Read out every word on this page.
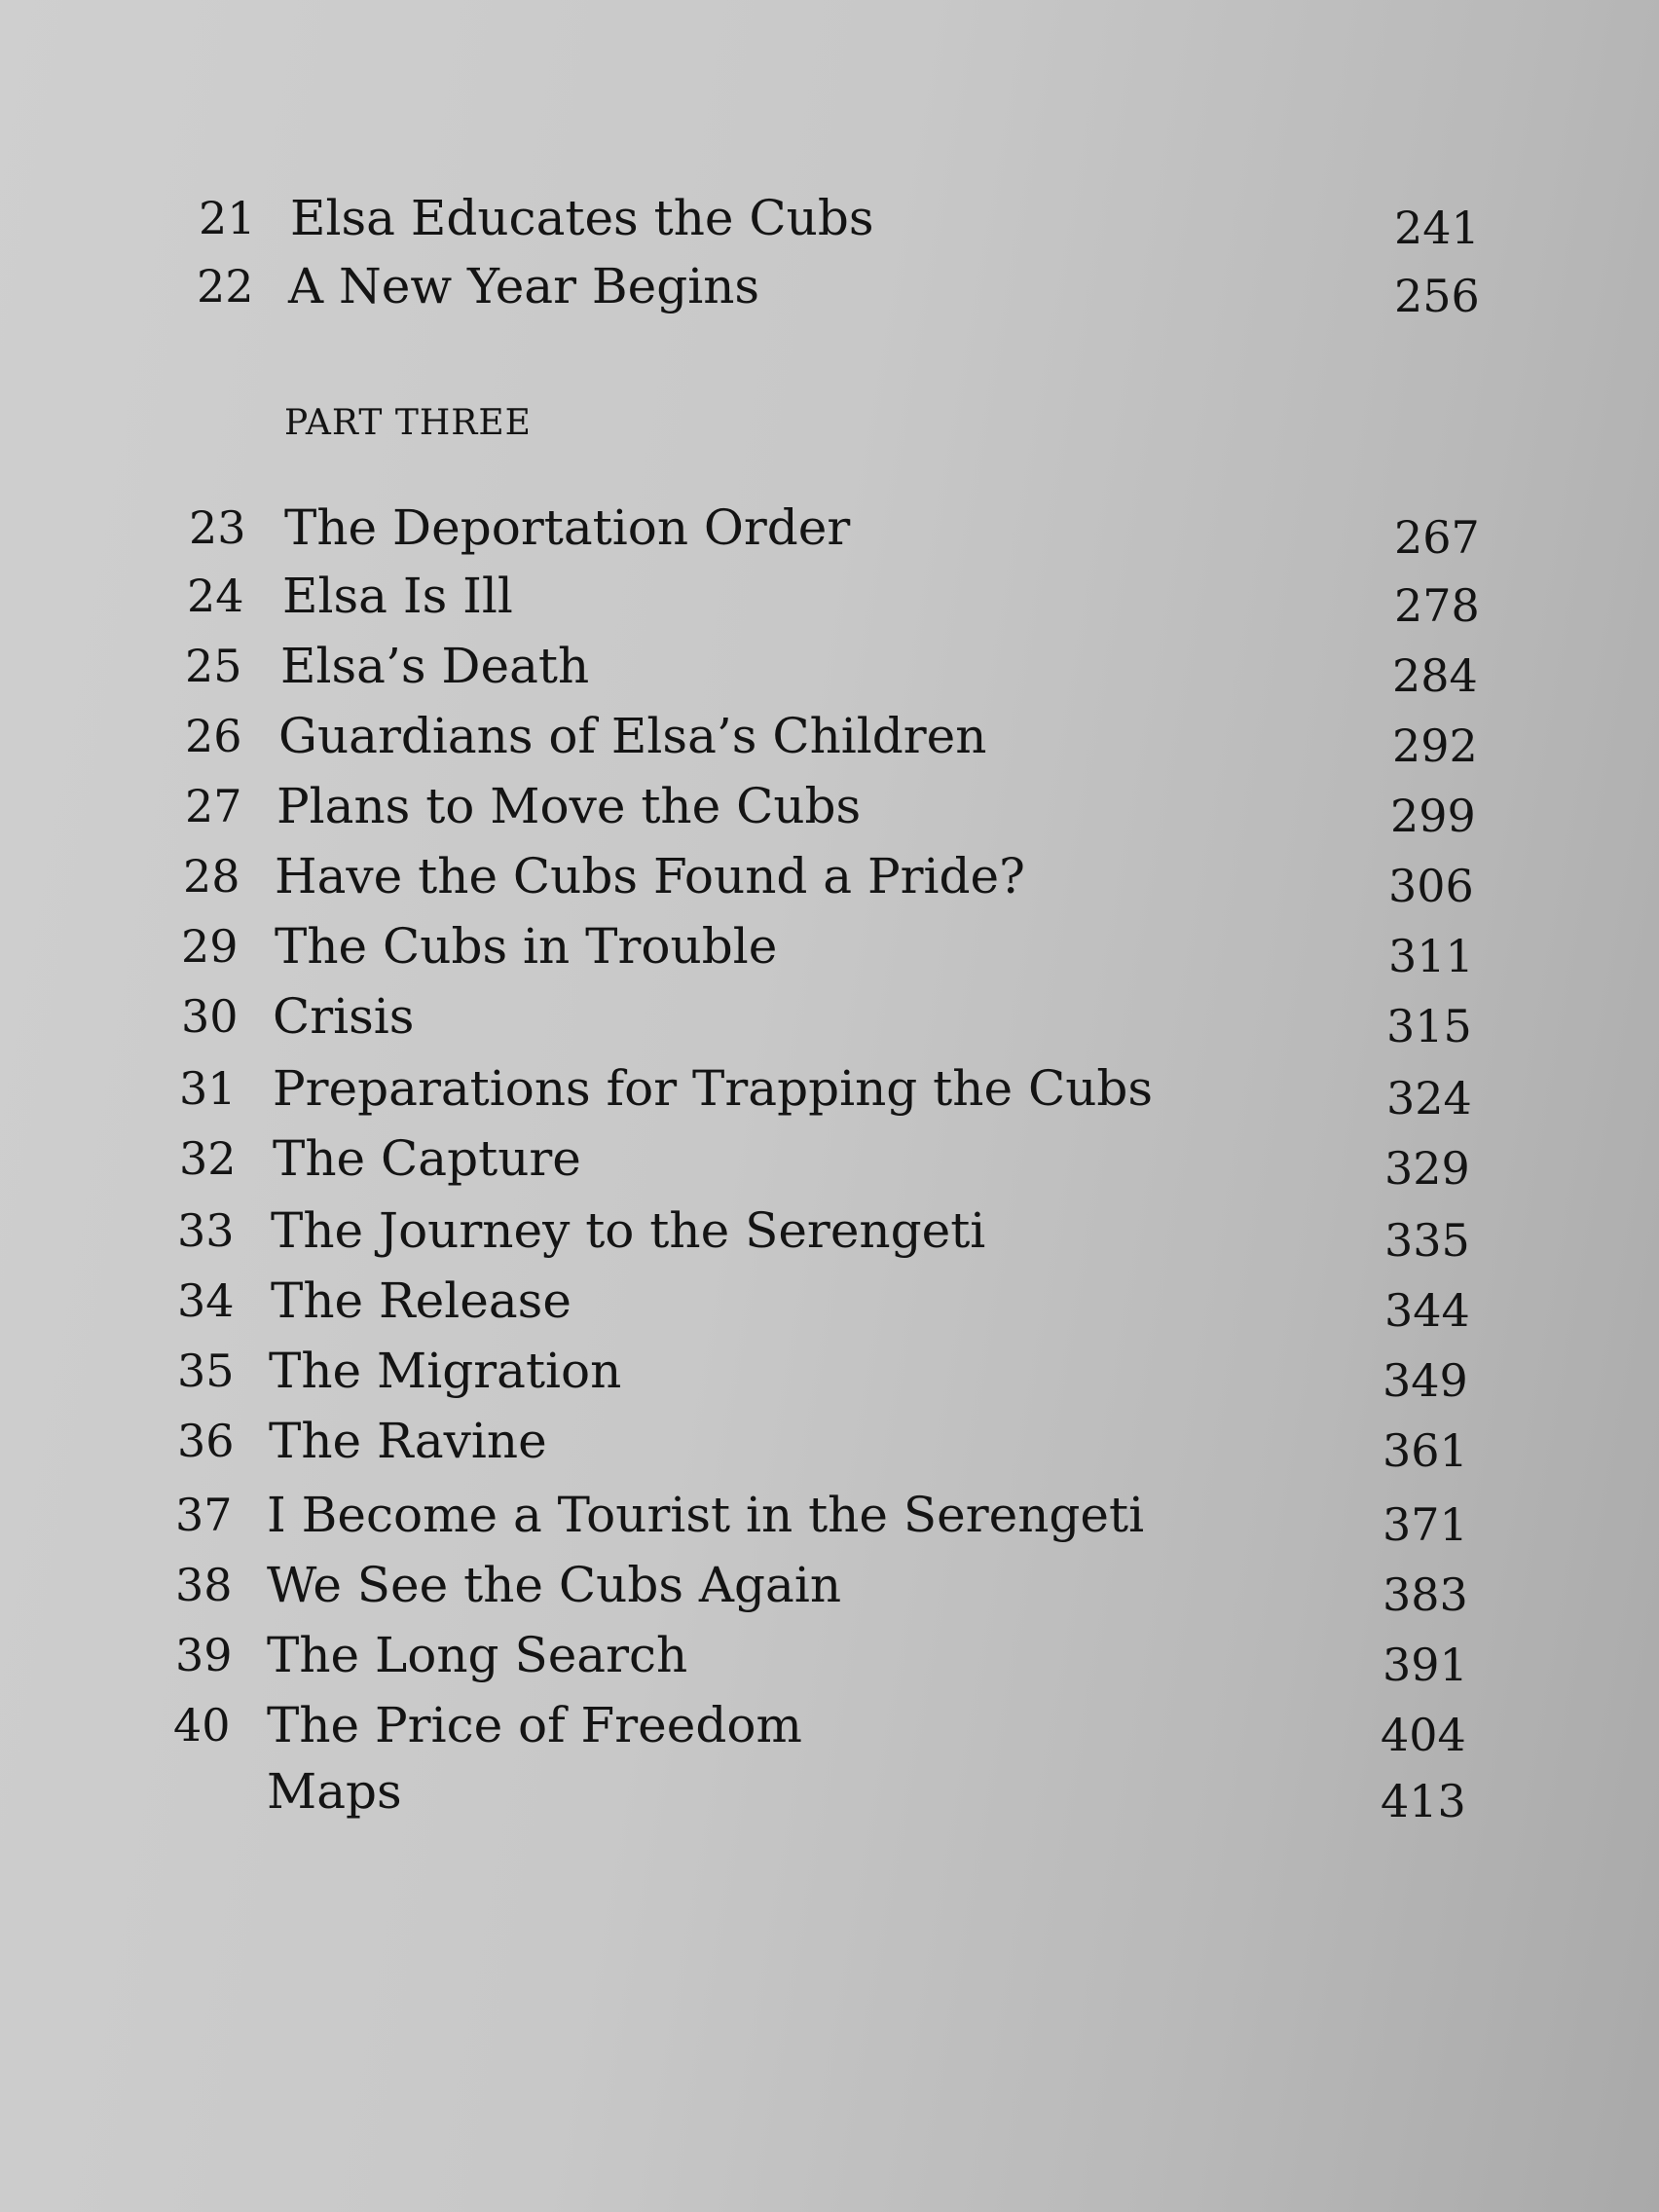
21 Elsa Educates the Cubs	241
22 A New Year Begins	256
PART THREE
23 The Deportation Order	267
24 Elsa Is Ill	278
25 Elsa’s Death	284
26 Guardians of Elsa’s Children	292
27 Plans to Move the Cubs	299
28 Have the Cubs Found a Pride?	306
29 The Cubs in Trouble	311
30 Crisis	315
31 Preparations for Trapping the Cubs	324
32 The Capture	329
33 The Journey to the Serengeti	335
34 The Release	344
35 The Migration	349
36 The Ravine	361
37 I Become a Tourist in the Serengeti	371
38 We See the Cubs Again	383
39 The Long Search	391
40 The Price of Freedom	404
Maps	413
